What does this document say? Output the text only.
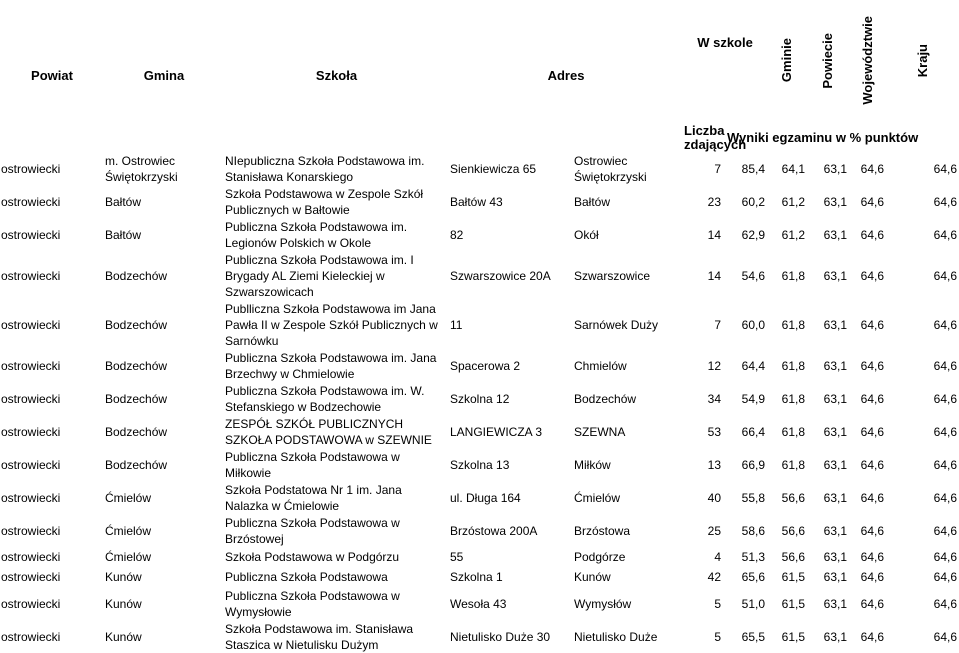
Powiat	Gmina	Szkoła	Adres		W szkole		Gminie	Powiecie	Województwie	Kraju
					Liczba zdających	Wyniki egzaminu w % punktów				
ostrowiecki	m. Ostrowiec Świętokrzyski	NIepubliczna Szkoła Podstawowa im. Stanisława Konarskiego	Sienkiewicza 65	Ostrowiec Świętokrzyski	7	85,4	64,1	63,1	64,6	64,6
ostrowiecki	Bałtów	Szkoła Podstawowa w Zespole Szkół Publicznych w Bałtowie	Bałtów 43	Bałtów	23	60,2	61,2	63,1	64,6	64,6
ostrowiecki	Bałtów	Publiczna Szkoła Podstawowa im. Legionów Polskich w Okole	82	Okół	14	62,9	61,2	63,1	64,6	64,6
ostrowiecki	Bodzechów	Publiczna Szkoła Podstawowa im. I Brygady AL Ziemi Kieleckiej w Szwarszowicach	Szwarszowice 20A	Szwarszowice	14	54,6	61,8	63,1	64,6	64,6
ostrowiecki	Bodzechów	Publliczna Szkoła Podstawowa im Jana Pawła II w Zespole Szkół Publicznych w Sarnówku	11	Sarnówek Duży	7	60,0	61,8	63,1	64,6	64,6
ostrowiecki	Bodzechów	Publiczna Szkoła Podstawowa im. Jana Brzechwy w Chmielowie	Spacerowa 2	Chmielów	12	64,4	61,8	63,1	64,6	64,6
ostrowiecki	Bodzechów	Publiczna Szkoła Podstawowa im. W. Stefanskiego w Bodzechowie	Szkolna 12	Bodzechów	34	54,9	61,8	63,1	64,6	64,6
ostrowiecki	Bodzechów	ZESPÓŁ SZKÓŁ PUBLICZNYCH SZKOŁA PODSTAWOWA w SZEWNIE	LANGIEWICZA 3	SZEWNA	53	66,4	61,8	63,1	64,6	64,6
ostrowiecki	Bodzechów	Publiczna Szkoła Podstawowa w Miłkowie	Szkolna 13	Miłków	13	66,9	61,8	63,1	64,6	64,6
ostrowiecki	Ćmielów	Szkoła Podstatowa Nr 1 im. Jana Nalazka w Ćmielowie	ul. Długa 164	Ćmielów	40	55,8	56,6	63,1	64,6	64,6
ostrowiecki	Ćmielów	Publiczna Szkoła Podstawowa w Brzóstowej	Brzóstowa 200A	Brzóstowa	25	58,6	56,6	63,1	64,6	64,6
ostrowiecki	Ćmielów	Szkoła Podstawowa w Podgórzu	55	Podgórze	4	51,3	56,6	63,1	64,6	64,6
ostrowiecki	Kunów	Publiczna Szkoła Podstawowa	Szkolna 1	Kunów	42	65,6	61,5	63,1	64,6	64,6
ostrowiecki	Kunów	Publiczna Szkoła Podstawowa w Wymysłowie	Wesoła 43	Wymysłów	5	51,0	61,5	63,1	64,6	64,6
ostrowiecki	Kunów	Szkoła Podstawowa im. Stanisława Staszica w Nietulisku Dużym	Nietulisko Duże 30	Nietulisko Duże	5	65,5	61,5	63,1	64,6	64,6
